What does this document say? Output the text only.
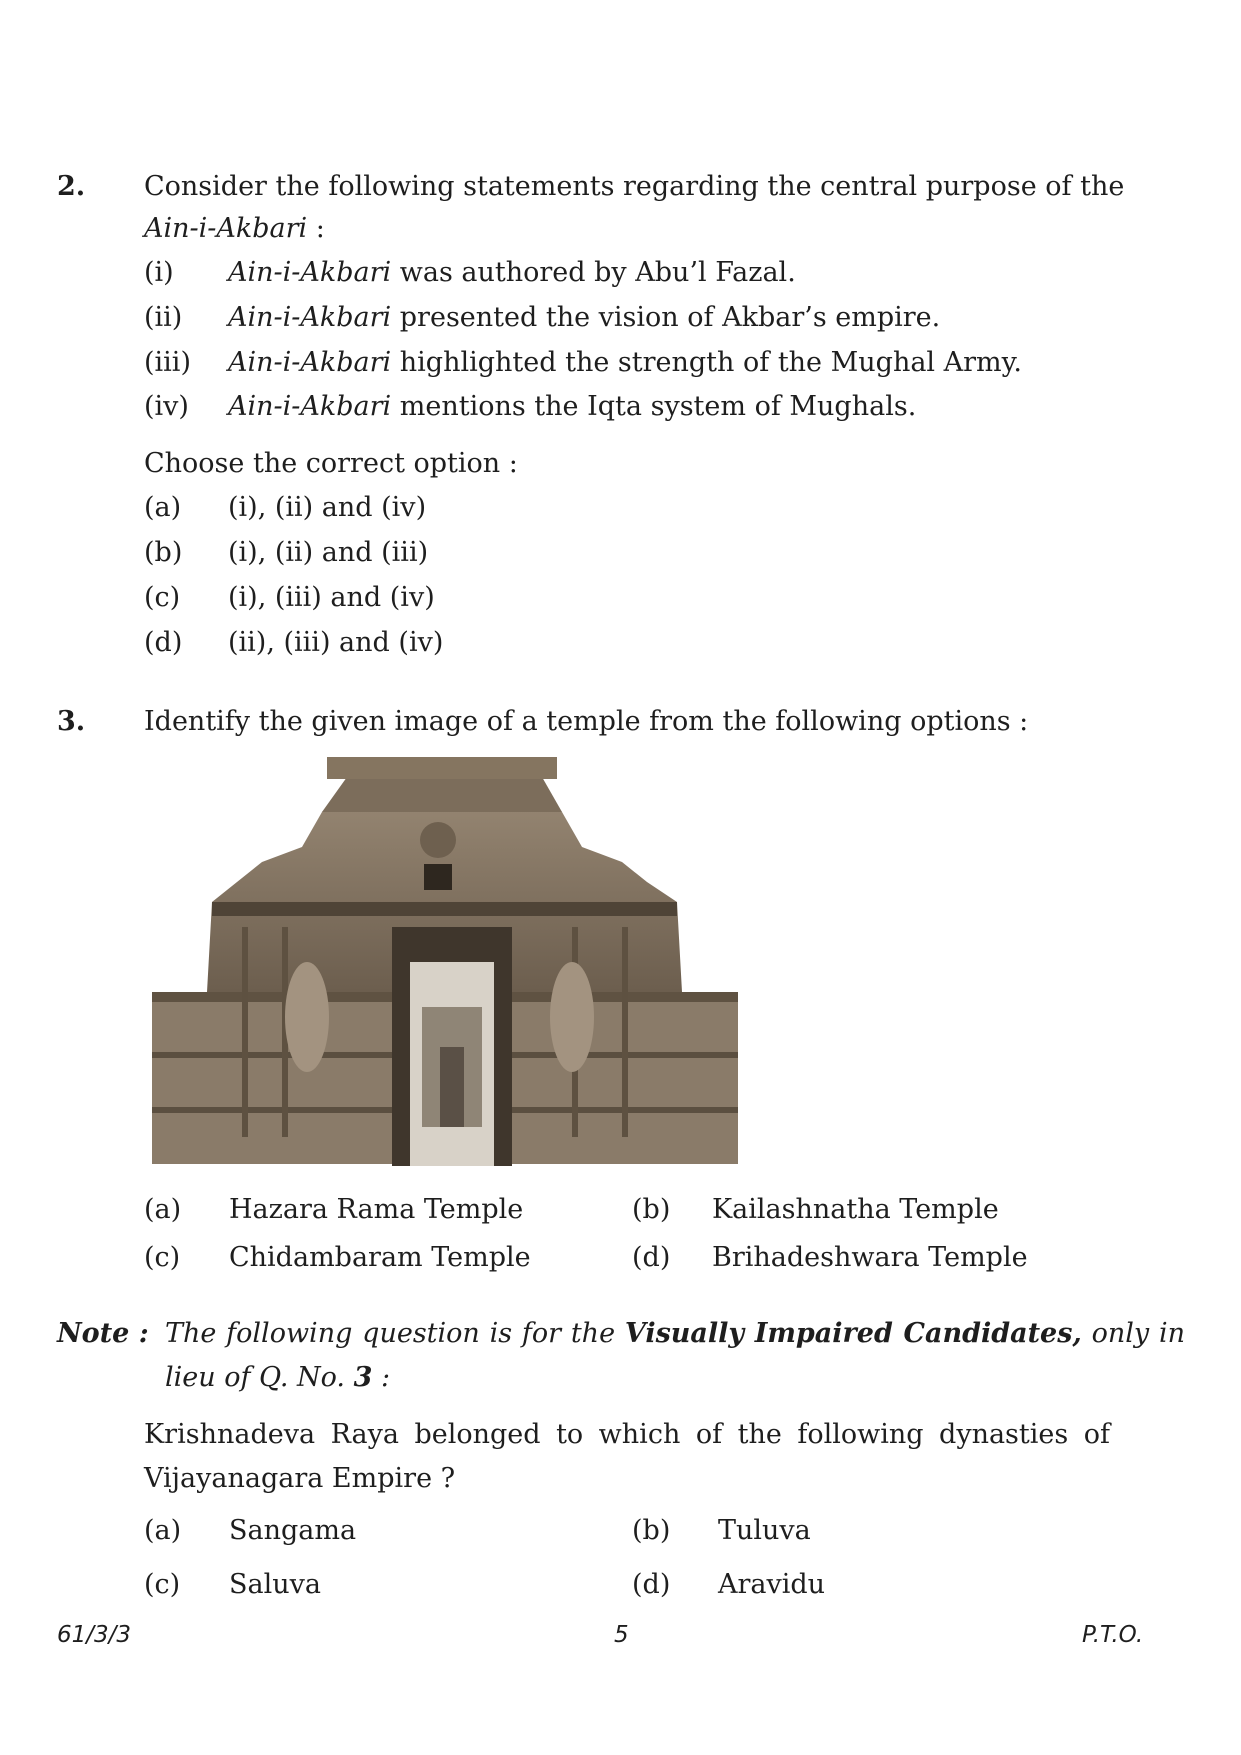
2. Consider the following statements regarding the central purpose of the
Ain-i-Akbari :
(i) Ain-i-Akbari was authored by Abu’l Fazal.
(ii) Ain-i-Akbari presented the vision of Akbar’s empire.
(iii) Ain-i-Akbari highlighted the strength of the Mughal Army.
(iv) Ain-i-Akbari mentions the Iqta system of Mughals.
Choose the correct option :
(a) (i), (ii) and (iv)
(b) (i), (ii) and (iii)
(c) (i), (iii) and (iv)
(d) (ii), (iii) and (iv)
3. Identify the given image of a temple from the following options :
(a) Hazara Rama Temple	(b) Kailashnatha Temple
(c) Chidambaram Temple	(d) Brihadeshwara Temple
Note : The following question is for the Visually Impaired Candidates, only in
lieu of Q. No. 3 :
Krishnadeva Raya belonged to which of the following dynasties of
Vijayanagara Empire ?
(a) Sangama	(b) Tuluva
(c) Saluva	(d) Aravidu
61/3/3	5	P.T.O.
